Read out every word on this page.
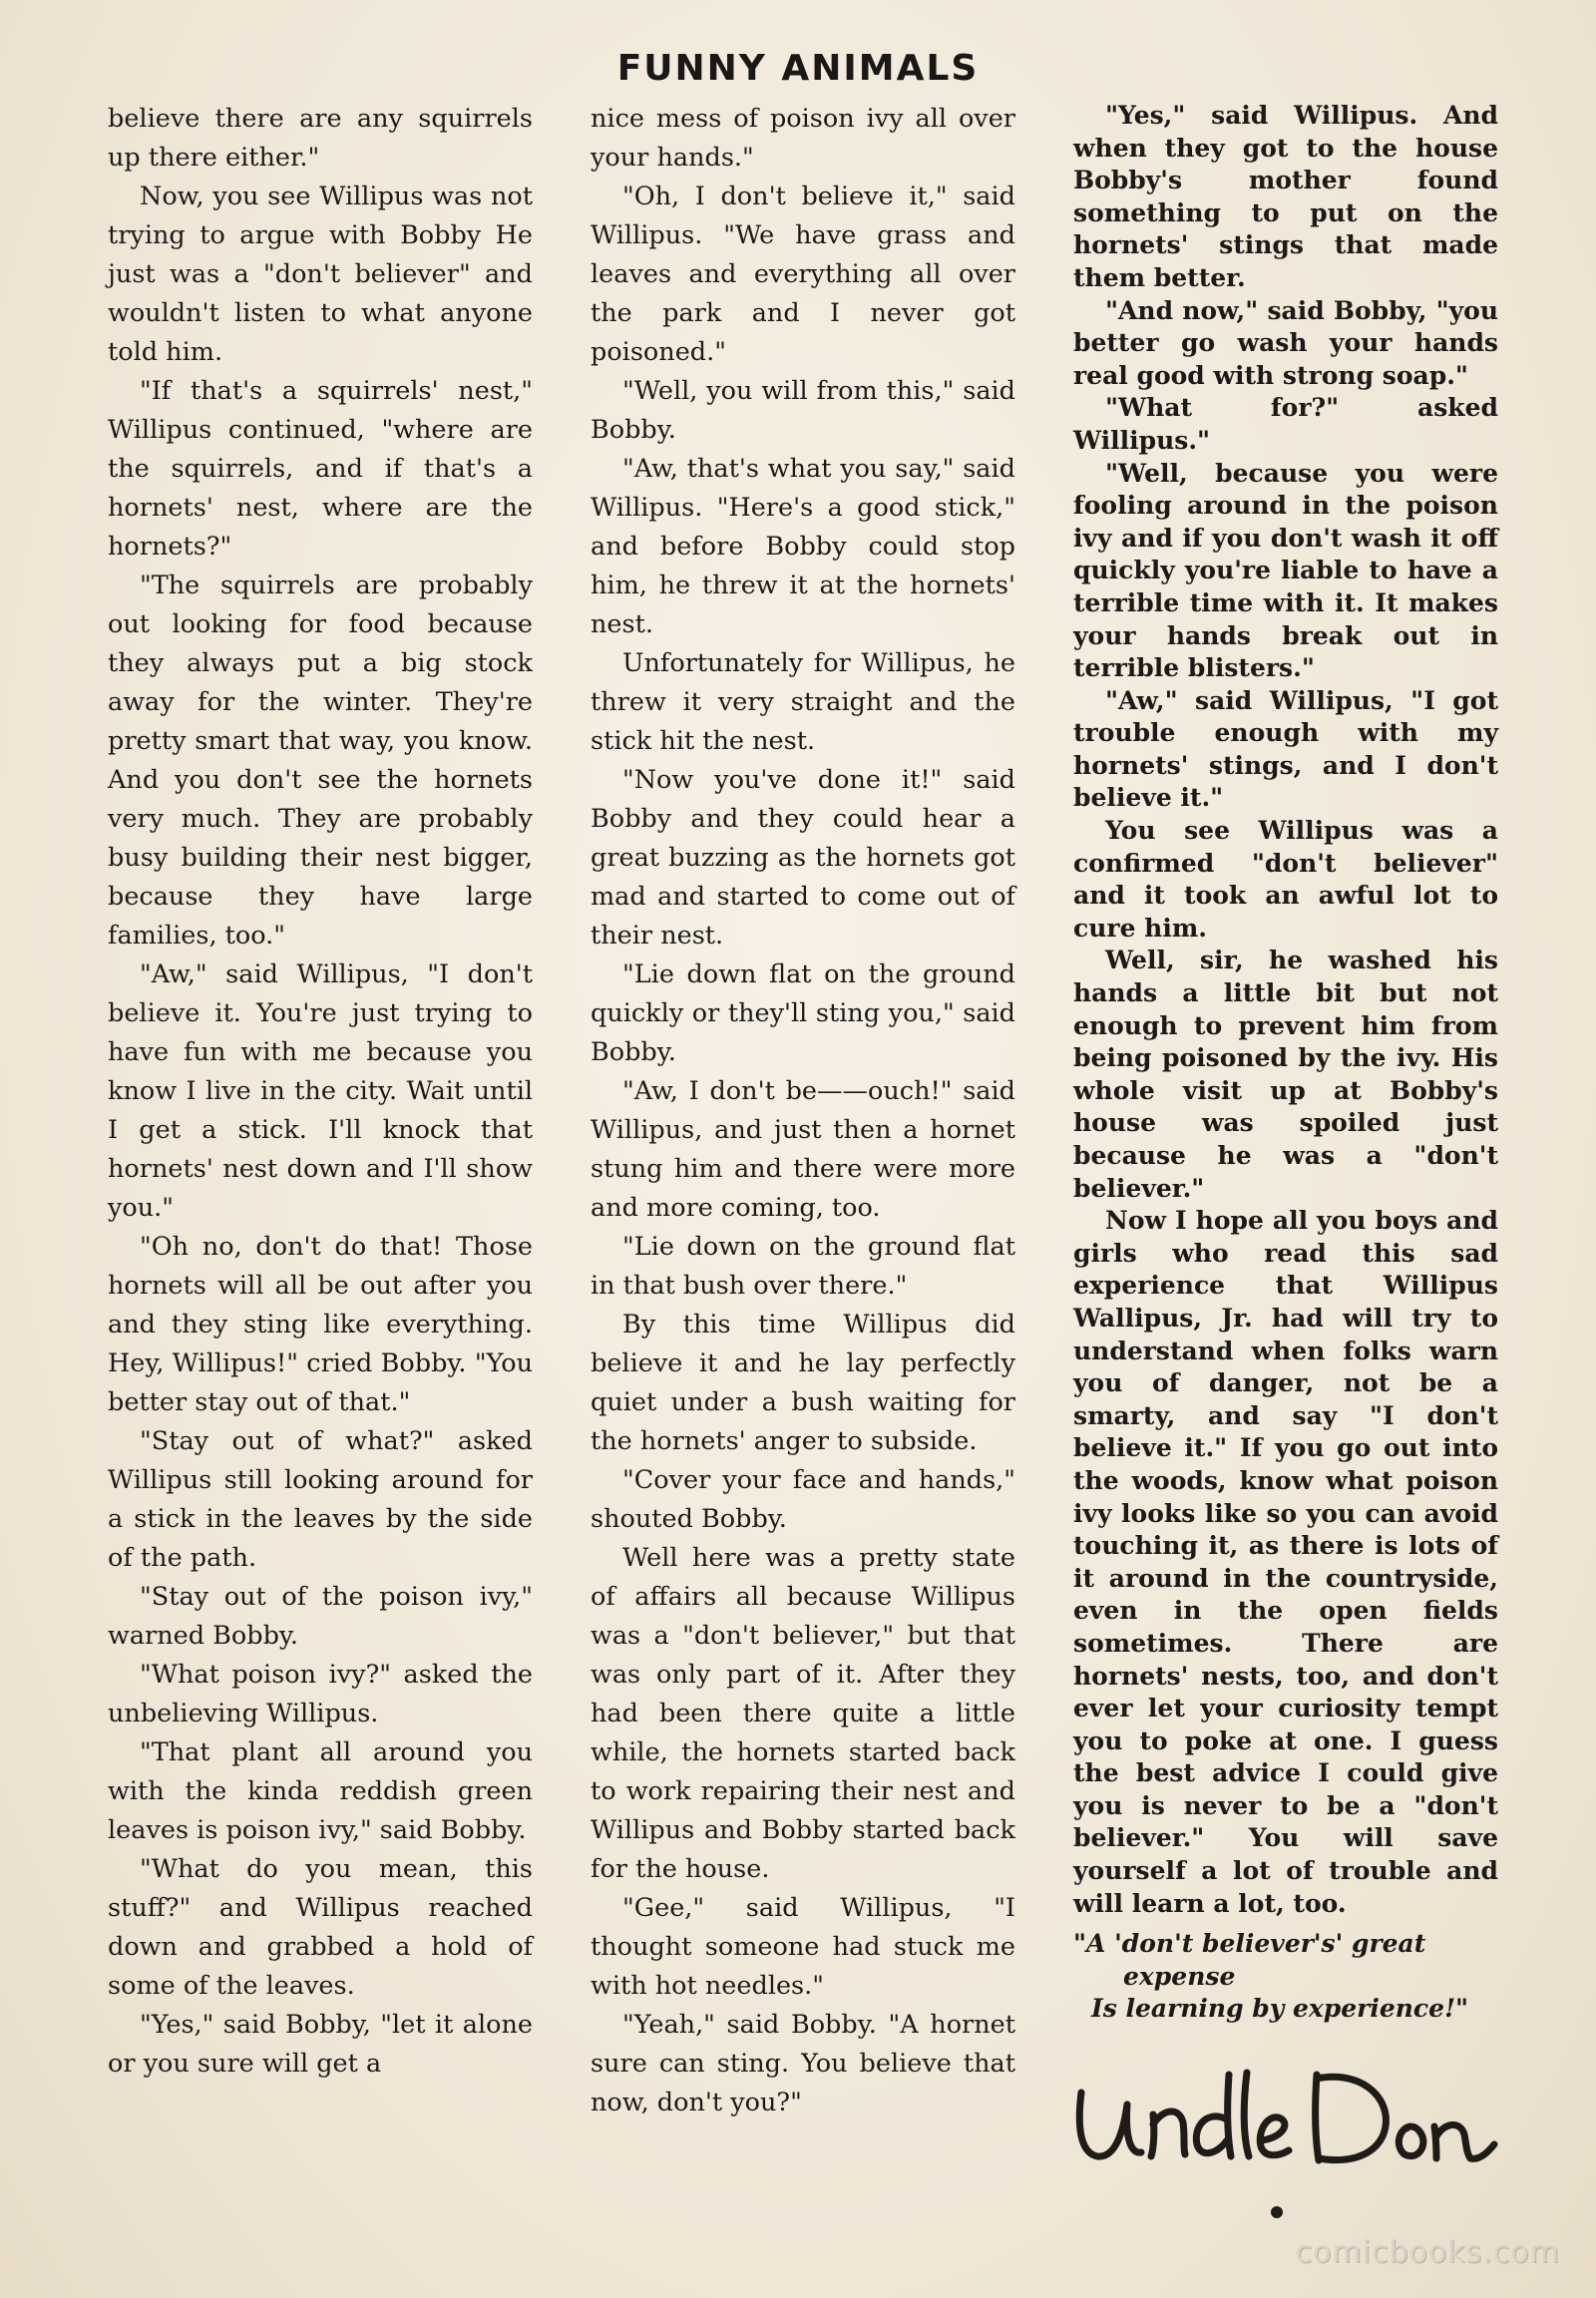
FUNNY ANIMALS

believe there are any squirrels up there either."

Now, you see Willipus was not trying to argue with Bobby He just was a "don't believer" and wouldn't listen to what anyone told him.

"If that's a squirrels' nest," Willipus continued, "where are the squirrels, and if that's a hornets' nest, where are the hornets?"

"The squirrels are probably out looking for food because they always put a big stock away for the winter. They're pretty smart that way, you know. And you don't see the hornets very much. They are probably busy building their nest bigger, because they have large families, too."

"Aw," said Willipus, "I don't believe it. You're just trying to have fun with me because you know I live in the city. Wait until I get a stick. I'll knock that hornets' nest down and I'll show you."

"Oh no, don't do that! Those hornets will all be out after you and they sting like everything. Hey, Willipus!" cried Bobby. "You better stay out of that."

"Stay out of what?" asked Willipus still looking around for a stick in the leaves by the side of the path.

"Stay out of the poison ivy," warned Bobby.

"What poison ivy?" asked the unbelieving Willipus.

"That plant all around you with the kinda reddish green leaves is poison ivy," said Bobby.

"What do you mean, this stuff?" and Willipus reached down and grabbed a hold of some of the leaves.

"Yes," said Bobby, "let it alone or you sure will get a

nice mess of poison ivy all over your hands."

"Oh, I don't believe it," said Willipus. "We have grass and leaves and everything all over the park and I never got poisoned."

"Well, you will from this," said Bobby.

"Aw, that's what you say," said Willipus. "Here's a good stick," and before Bobby could stop him, he threw it at the hornets' nest.

Unfortunately for Willipus, he threw it very straight and the stick hit the nest.

"Now you've done it!" said Bobby and they could hear a great buzzing as the hornets got mad and started to come out of their nest.

"Lie down flat on the ground quickly or they'll sting you," said Bobby.

"Aw, I don't be——ouch!" said Willipus, and just then a hornet stung him and there were more and more coming, too.

"Lie down on the ground flat in that bush over there."

By this time Willipus did believe it and he lay perfectly quiet under a bush waiting for the hornets' anger to subside.

"Cover your face and hands," shouted Bobby.

Well here was a pretty state of affairs all because Willipus was a "don't believer," but that was only part of it. After they had been there quite a little while, the hornets started back to work repairing their nest and Willipus and Bobby started back for the house.

"Gee," said Willipus, "I thought someone had stuck me with hot needles."

"Yeah," said Bobby. "A hornet sure can sting. You believe that now, don't you?"

"Yes," said Willipus. And when they got to the house Bobby's mother found something to put on the hornets' stings that made them better.

"And now," said Bobby, "you better go wash your hands real good with strong soap."

"What for?" asked Willipus."

"Well, because you were fooling around in the poison ivy and if you don't wash it off quickly you're liable to have a terrible time with it. It makes your hands break out in terrible blisters."

"Aw," said Willipus, "I got trouble enough with my hornets' stings, and I don't believe it."

You see Willipus was a confirmed "don't believer" and it took an awful lot to cure him.

Well, sir, he washed his hands a little bit but not enough to prevent him from being poisoned by the ivy. His whole visit up at Bobby's house was spoiled just because he was a "don't believer."

Now I hope all you boys and girls who read this sad experience that Willipus Wallipus, Jr. had will try to understand when folks warn you of danger, not be a smarty, and say "I don't believe it." If you go out into the woods, know what poison ivy looks like so you can avoid touching it, as there is lots of it around in the countryside, even in the open fields sometimes. There are hornets' nests, too, and don't ever let your curiosity tempt you to poke at one. I guess the best advice I could give you is never to be a "don't believer." You will save yourself a lot of trouble and will learn a lot, too.

"A 'don't believer's' great
expense
Is learning by experience!"
comicbooks.com
